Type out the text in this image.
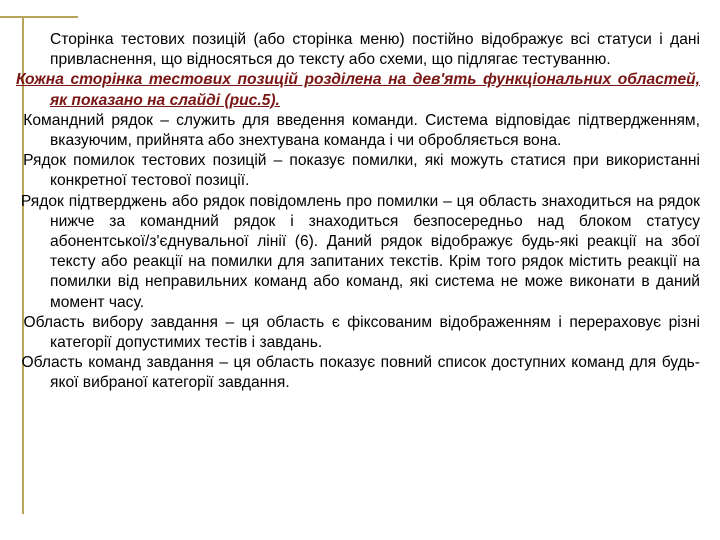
Сторінка тестових позицій (або сторінка меню) постійно відображує всі статуси і дані привласнення, що відносяться до тексту або схеми, що підлягає тестуванню.

Кожна сторінка тестових позицій розділена на дев'ять функціональних областей, як показано на слайді (рис.5).

Командний рядок – служить для введення команди. Система відповідає підтвердженням, вказуючим, прийнята або знехтувана команда і чи обробляється вона.

Рядок помилок тестових позицій – показує помилки, які можуть статися при використанні конкретної тестової позиції.

Рядок підтверджень або рядок повідомлень про помилки – ця область знаходиться на рядок нижче за командний рядок і знаходиться безпосередньо над блоком статусу абонентської/з'єднувальної лінії (6). Даний рядок відображує будь-які реакції на збої тексту або реакції на помилки для запитаних текстів. Крім того рядок містить реакції на помилки від неправильних команд або команд, які система не може виконати в даний момент часу.

Область вибору завдання – ця область є фіксованим відображенням і перераховує різні категорії допустимих тестів і завдань.

Область команд завдання – ця область показує повний список доступних команд для будь-якої вибраної категорії завдання.
